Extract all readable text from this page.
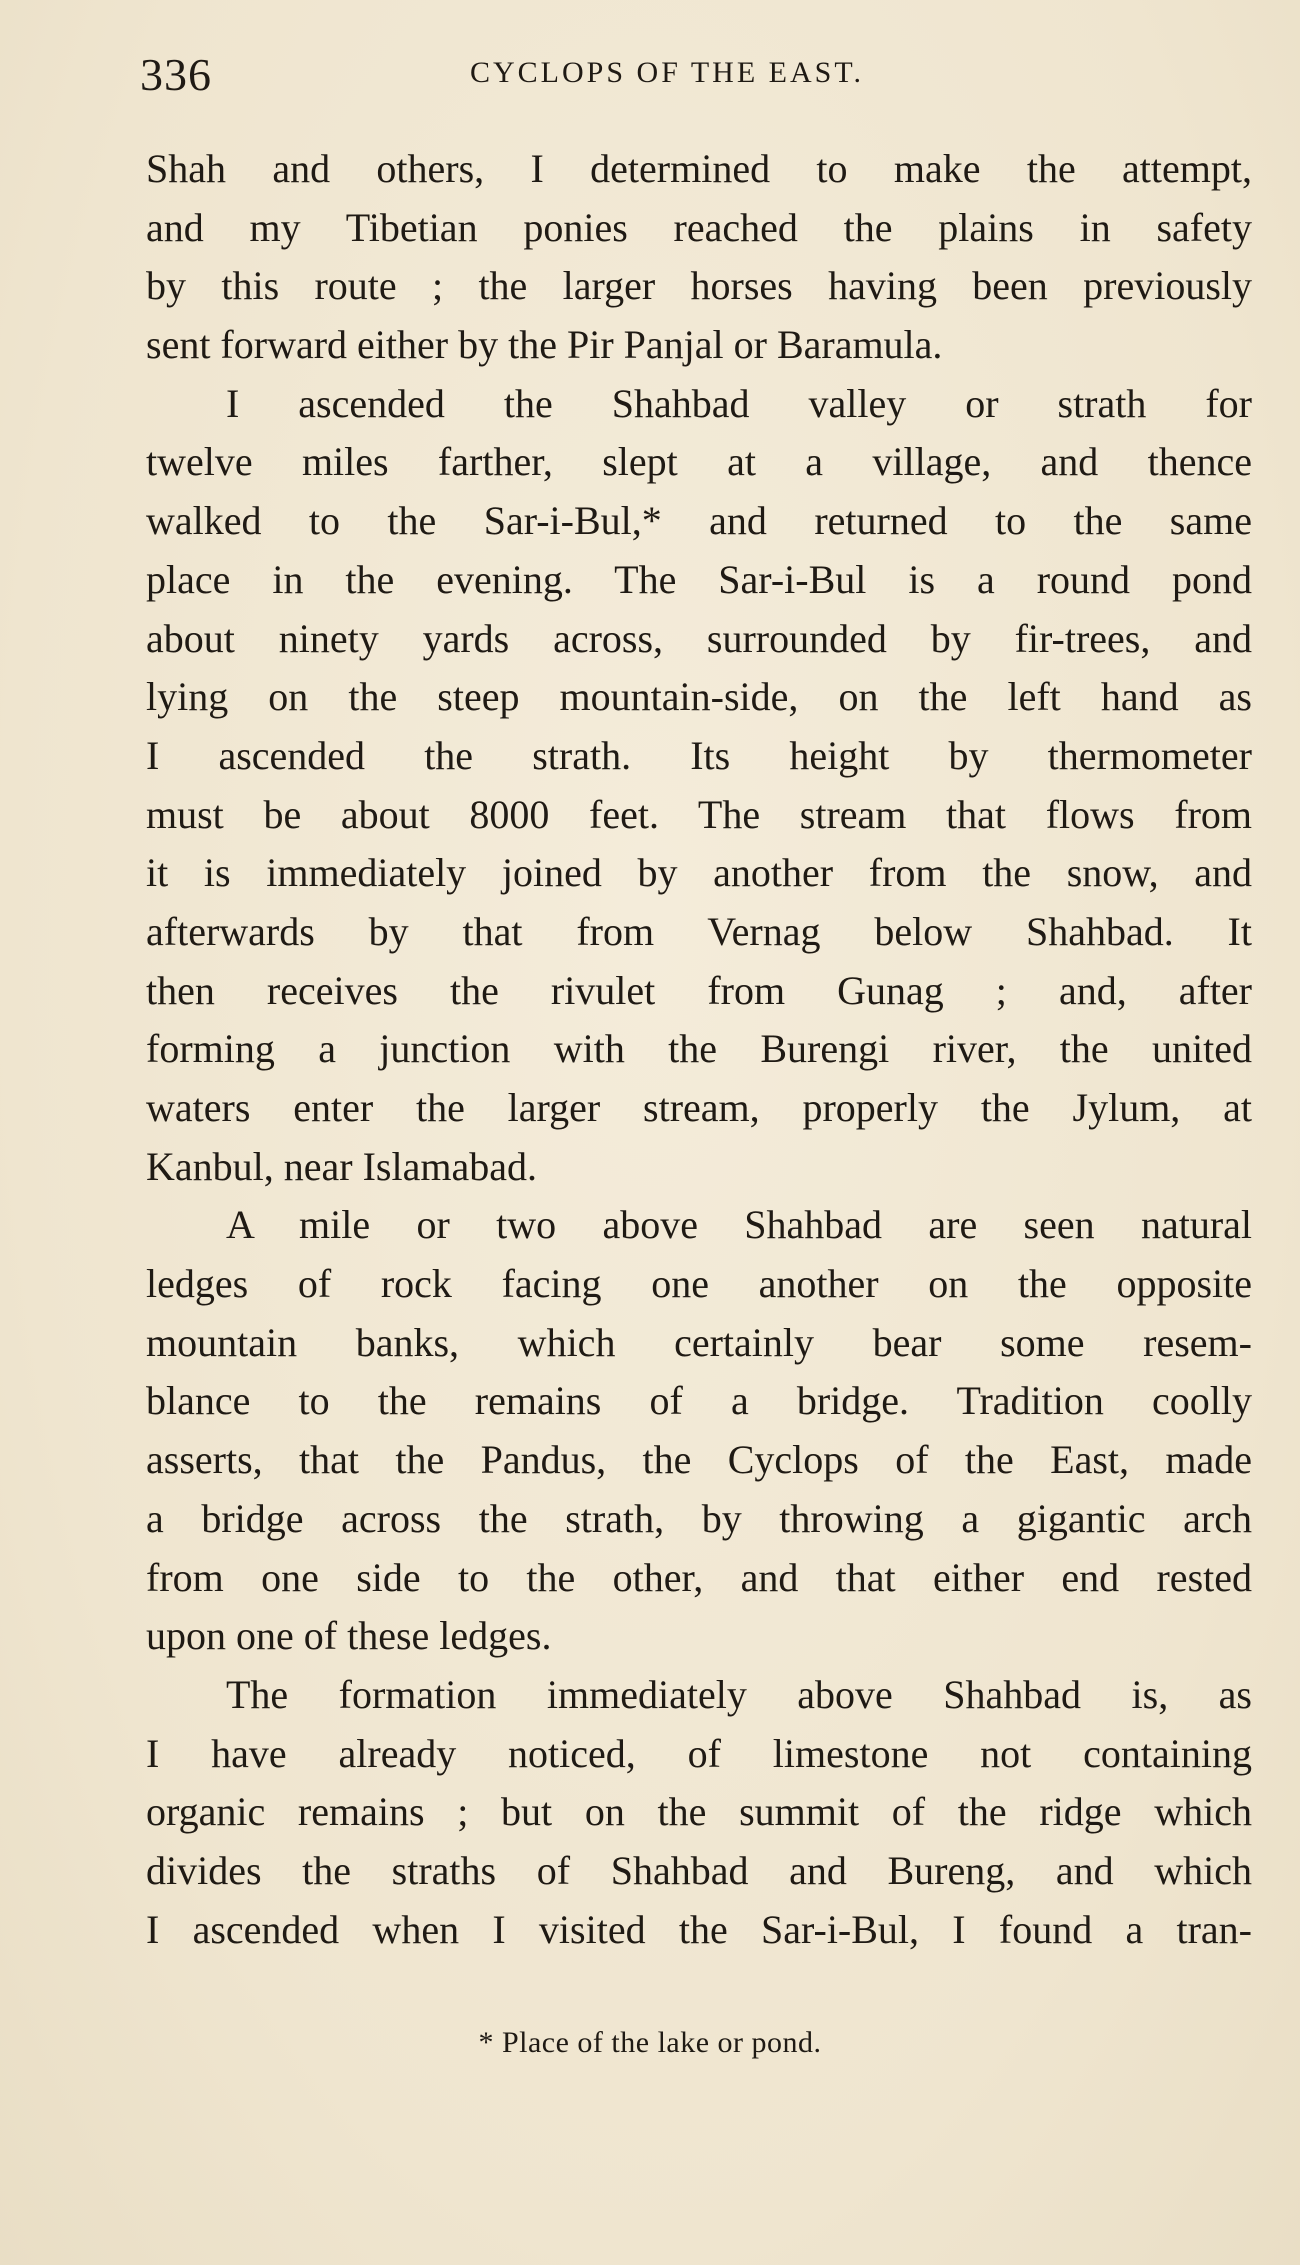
336	CYCLOPS OF THE EAST.
Shah and others, I determined to make the attempt,
and my Tibetian ponies reached the plains in safety
by this route ; the larger horses having been previously
sent forward either by the Pir Panjal or Baramula.
I ascended the Shahbad valley or strath for
twelve miles farther, slept at a village, and thence
walked to the Sar-i-Bul,* and returned to the same
place in the evening. The Sar-i-Bul is a round pond
about ninety yards across, surrounded by fir-trees, and
lying on the steep mountain-side, on the left hand as
I ascended the strath. Its height by thermometer
must be about 8000 feet. The stream that flows from
it is immediately joined by another from the snow, and
afterwards by that from Vernag below Shahbad. It
then receives the rivulet from Gunag ; and, after
forming a junction with the Burengi river, the united
waters enter the larger stream, properly the Jylum, at
Kanbul, near Islamabad.
A mile or two above Shahbad are seen natural
ledges of rock facing one another on the opposite
mountain banks, which certainly bear some resem-
blance to the remains of a bridge. Tradition coolly
asserts, that the Pandus, the Cyclops of the East, made
a bridge across the strath, by throwing a gigantic arch
from one side to the other, and that either end rested
upon one of these ledges.
The formation immediately above Shahbad is, as
I have already noticed, of limestone not containing
organic remains ; but on the summit of the ridge which
divides the straths of Shahbad and Bureng, and which
I ascended when I visited the Sar-i-Bul, I found a tran-
* Place of the lake or pond.
